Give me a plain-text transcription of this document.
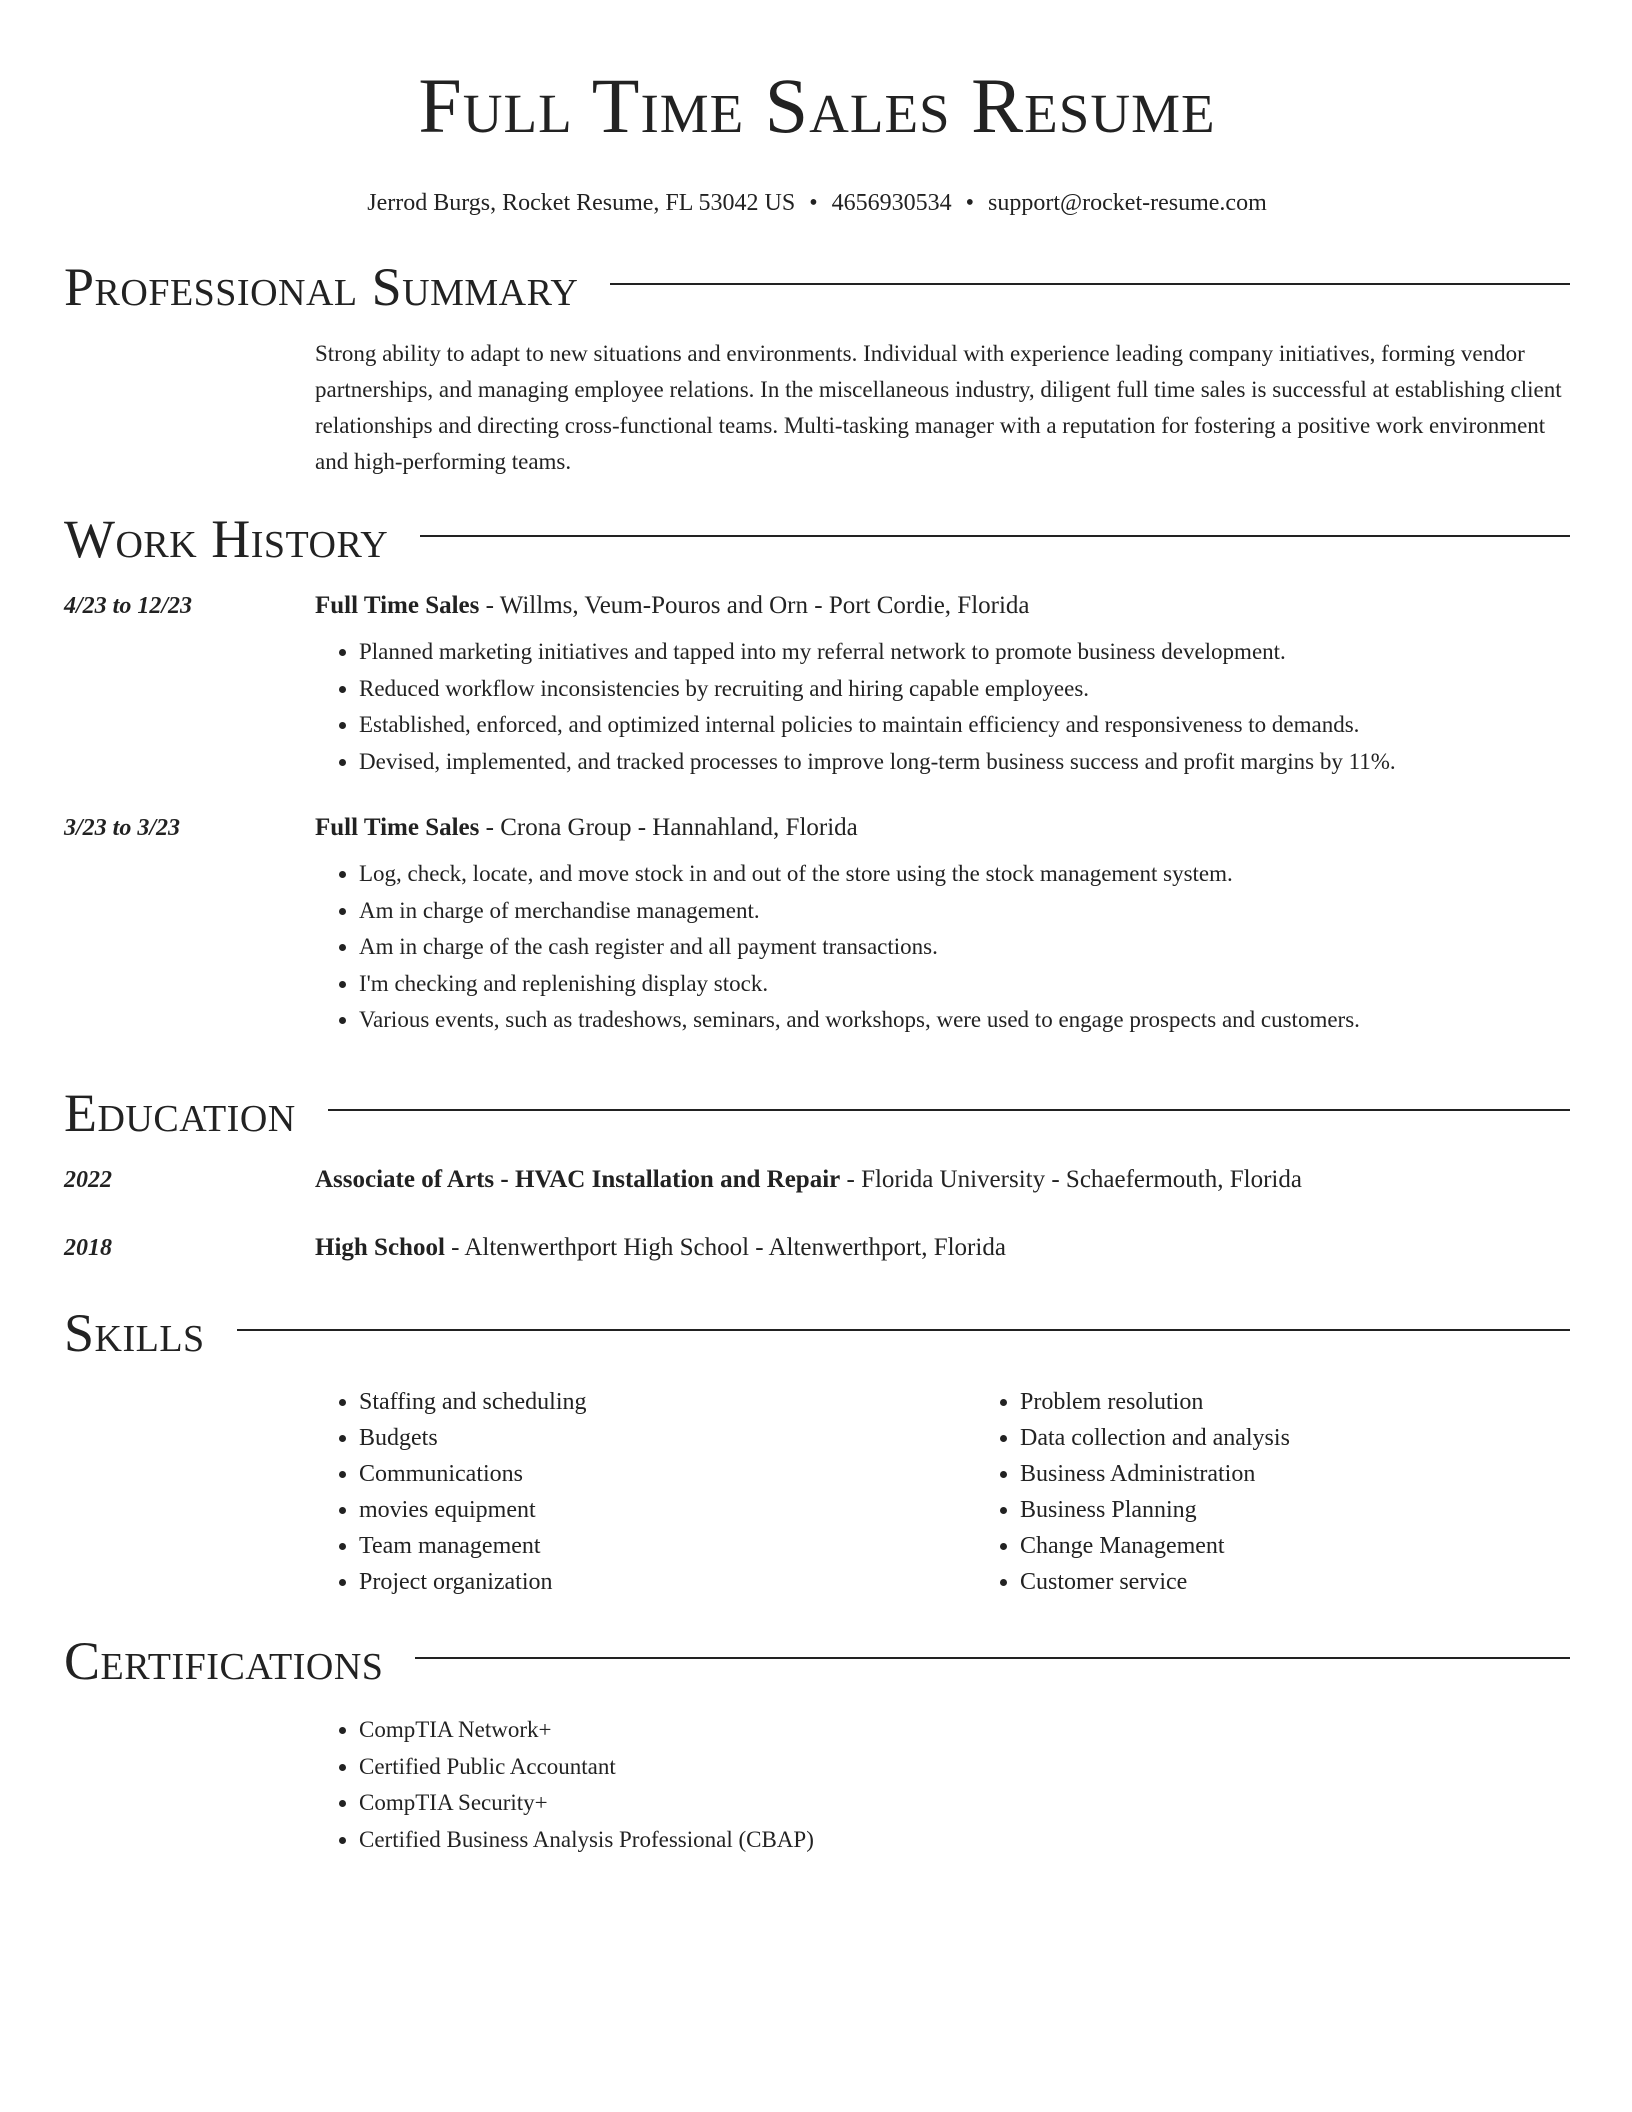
Full Time Sales Resume
Jerrod Burgs, Rocket Resume, FL 53042 US • 4656930534 • support@rocket-resume.com
Professional Summary

Strong ability to adapt to new situations and environments. Individual with experience leading company initiatives, forming vendor partnerships, and managing employee relations. In the miscellaneous industry, diligent full time sales is successful at establishing client relationships and directing cross-functional teams. Multi-tasking manager with a reputation for fostering a positive work environment and high-performing teams.

Work History
4/23 to 12/23	Full Time Sales - Willms, Veum-Pouros and Orn - Port Cordie, Florida
• Planned marketing initiatives and tapped into my referral network to promote business development.
• Reduced workflow inconsistencies by recruiting and hiring capable employees.
• Established, enforced, and optimized internal policies to maintain efficiency and responsiveness to demands.
• Devised, implemented, and tracked processes to improve long-term business success and profit margins by 11%.
3/23 to 3/23	Full Time Sales - Crona Group - Hannahland, Florida
• Log, check, locate, and move stock in and out of the store using the stock management system.
• Am in charge of merchandise management.
• Am in charge of the cash register and all payment transactions.
• I'm checking and replenishing display stock.
• Various events, such as tradeshows, seminars, and workshops, were used to engage prospects and customers.
Education
2022	Associate of Arts - HVAC Installation and Repair - Florida University - Schaefermouth, Florida
2018	High School - Altenwerthport High School - Altenwerthport, Florida
Skills
• Staffing and scheduling
• Budgets
• Communications
• movies equipment
• Team management
• Project organization
• Problem resolution
• Data collection and analysis
• Business Administration
• Business Planning
• Change Management
• Customer service
Certifications
• CompTIA Network+
• Certified Public Accountant
• CompTIA Security+
• Certified Business Analysis Professional (CBAP)
